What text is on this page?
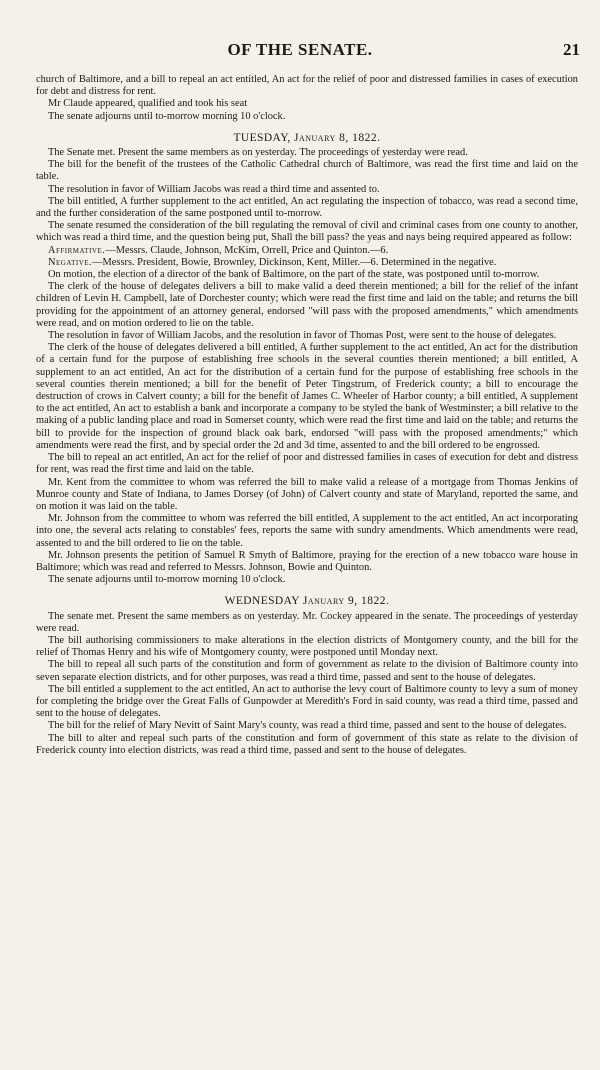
OF THE SENATE.	21

church of Baltimore, and a bill to repeal an act entitled, An act for the relief of poor and distressed families in cases of execution for debt and distress for rent.

Mr Claude appeared, qualified and took his seat

The senate adjourns until to-morrow morning 10 o'clock.

TUESDAY, January 8, 1822.

The Senate met. Present the same members as on yesterday. The proceedings of yesterday were read.

The bill for the benefit of the trustees of the Catholic Cathedral church of Baltimore, was read the first time and laid on the table.

The resolution in favor of William Jacobs was read a third time and assented to.

The bill entitled, A further supplement to the act entitled, An act regulating the inspection of tobacco, was read a second time, and the further consideration of the same postponed until to-morrow.

The senate resumed the consideration of the bill regulating the removal of civil and criminal cases from one county to another, which was read a third time, and the question being put, Shall the bill pass? the yeas and nays being required appeared as follow:

Affirmative.—Messrs. Claude, Johnson, McKim, Orrell, Price and Quinton.—6.

Negative.—Messrs. President, Bowie, Brownley, Dickinson, Kent, Miller.—6. Determined in the negative.

On motion, the election of a director of the bank of Baltimore, on the part of the state, was postponed until to-morrow.

The clerk of the house of delegates delivers a bill to make valid a deed therein mentioned; a bill for the relief of the infant children of Levin H. Campbell, late of Dorchester county; which were read the first time and laid on the table; and returns the bill providing for the appointment of an attorney general, endorsed "will pass with the proposed amendments," which amendments were read, and on motion ordered to lie on the table.

The resolution in favor of William Jacobs, and the resolution in favor of Thomas Post, were sent to the house of delegates.

The clerk of the house of delegates delivered a bill entitled, A further supplement to the act entitled, An act for the distribution of a certain fund for the purpose of establishing free schools in the several counties therein mentioned; a bill entitled, A supplement to an act entitled, An act for the distribution of a certain fund for the purpose of establishing free schools in the several counties therein mentioned; a bill for the benefit of Peter Tingstrum, of Frederick county; a bill to encourage the destruction of crows in Calvert county; a bill for the benefit of James C. Wheeler of Harbor county; a bill entitled, A supplement to the act entitled, An act to establish a bank and incorporate a company to be styled the bank of Westminster; a bill relative to the making of a public landing place and road in Somerset county, which were read the first time and laid on the table; and returns the bill to provide for the inspection of ground black oak bark, endorsed "will pass with the proposed amendments;" which amendments were read the first, and by special order the 2d and 3d time, assented to and the bill ordered to be engrossed.

The bill to repeal an act entitled, An act for the relief of poor and distressed families in cases of execution for debt and distress for rent, was read the first time and laid on the table.

Mr. Kent from the committee to whom was referred the bill to make valid a release of a mortgage from Thomas Jenkins of Munroe county and State of Indiana, to James Dorsey (of John) of Calvert county and state of Maryland, reported the same, and on motion it was laid on the table.

Mr. Johnson from the committee to whom was referred the bill entitled, A supplement to the act entitled, An act incorporating into one, the several acts relating to constables' fees, reports the same with sundry amendments. Which amendments were read, assented to and the bill ordered to lie on the table.

Mr. Johnson presents the petition of Samuel R Smyth of Baltimore, praying for the erection of a new tobacco ware house in Baltimore; which was read and referred to Messrs. Johnson, Bowie and Quinton.

The senate adjourns until to-morrow morning 10 o'clock.

WEDNESDAY January 9, 1822.

The senate met. Present the same members as on yesterday. Mr. Cockey appeared in the senate. The proceedings of yesterday were read.

The bill authorising commissioners to make alterations in the election districts of Montgomery county, and the bill for the relief of Thomas Henry and his wife of Montgomery county, were postponed until Monday next.

The bill to repeal all such parts of the constitution and form of government as relate to the division of Baltimore county into seven separate election districts, and for other purposes, was read a third time, passed and sent to the house of delegates.

The bill entitled a supplement to the act entitled, An act to authorise the levy court of Baltimore county to levy a sum of money for completing the bridge over the Great Falls of Gunpowder at Meredith's Ford in said county, was read a third time, passed and sent to the house of delegates.

The bill for the relief of Mary Nevitt of Saint Mary's county, was read a third time, passed and sent to the house of delegates.

The bill to alter and repeal such parts of the constitution and form of government of this state as relate to the division of Frederick county into election districts, was read a third time, passed and sent to the house of delegates.
